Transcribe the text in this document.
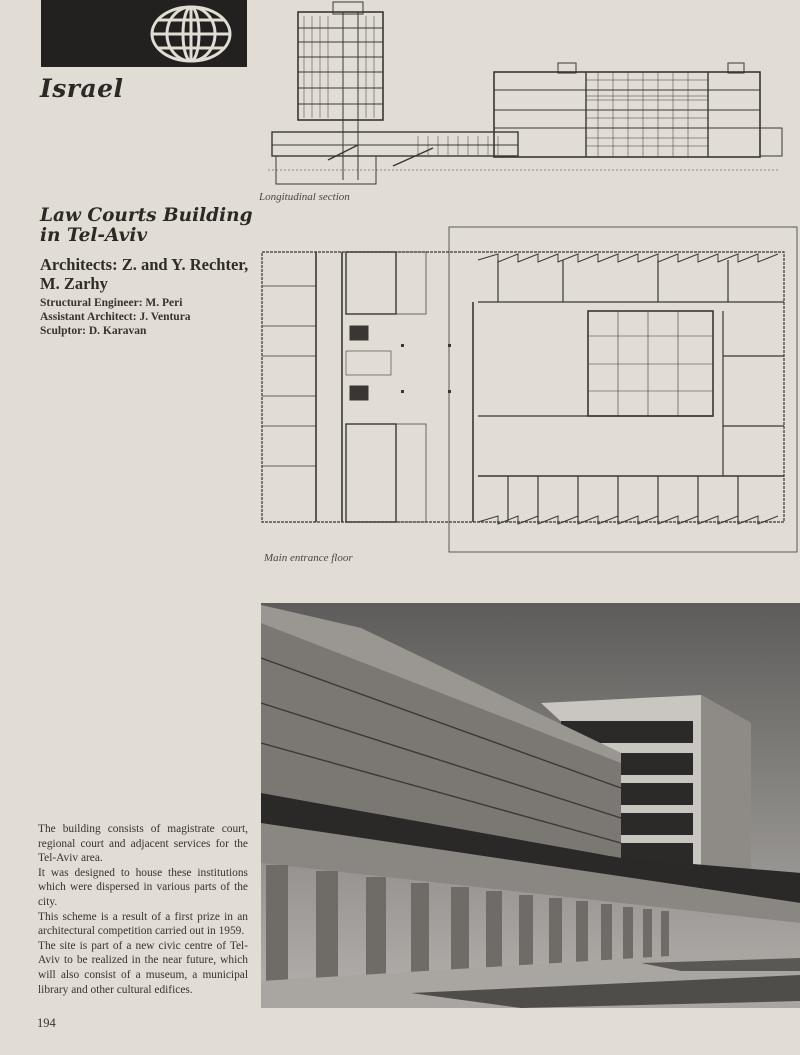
Israel
Law Courts Building
in Tel-Aviv
Architects: Z. and Y. Rechter,
M. Zarhy
Structural Engineer: M. Peri
Assistant Architect: J. Ventura
Sculptor: D. Karavan
Longitudinal section
Main entrance floor

The building consists of magistrate court, regional court and adjacent services for the Tel-Aviv area.

It was designed to house these institutions which were dispersed in various parts of the city.

This scheme is a result of a first prize in an architectural competition carried out in 1959.

The site is part of a new civic centre of Tel-Aviv to be realized in the near future, which will also consist of a museum, a municipal library and other cultural edifices.

194
